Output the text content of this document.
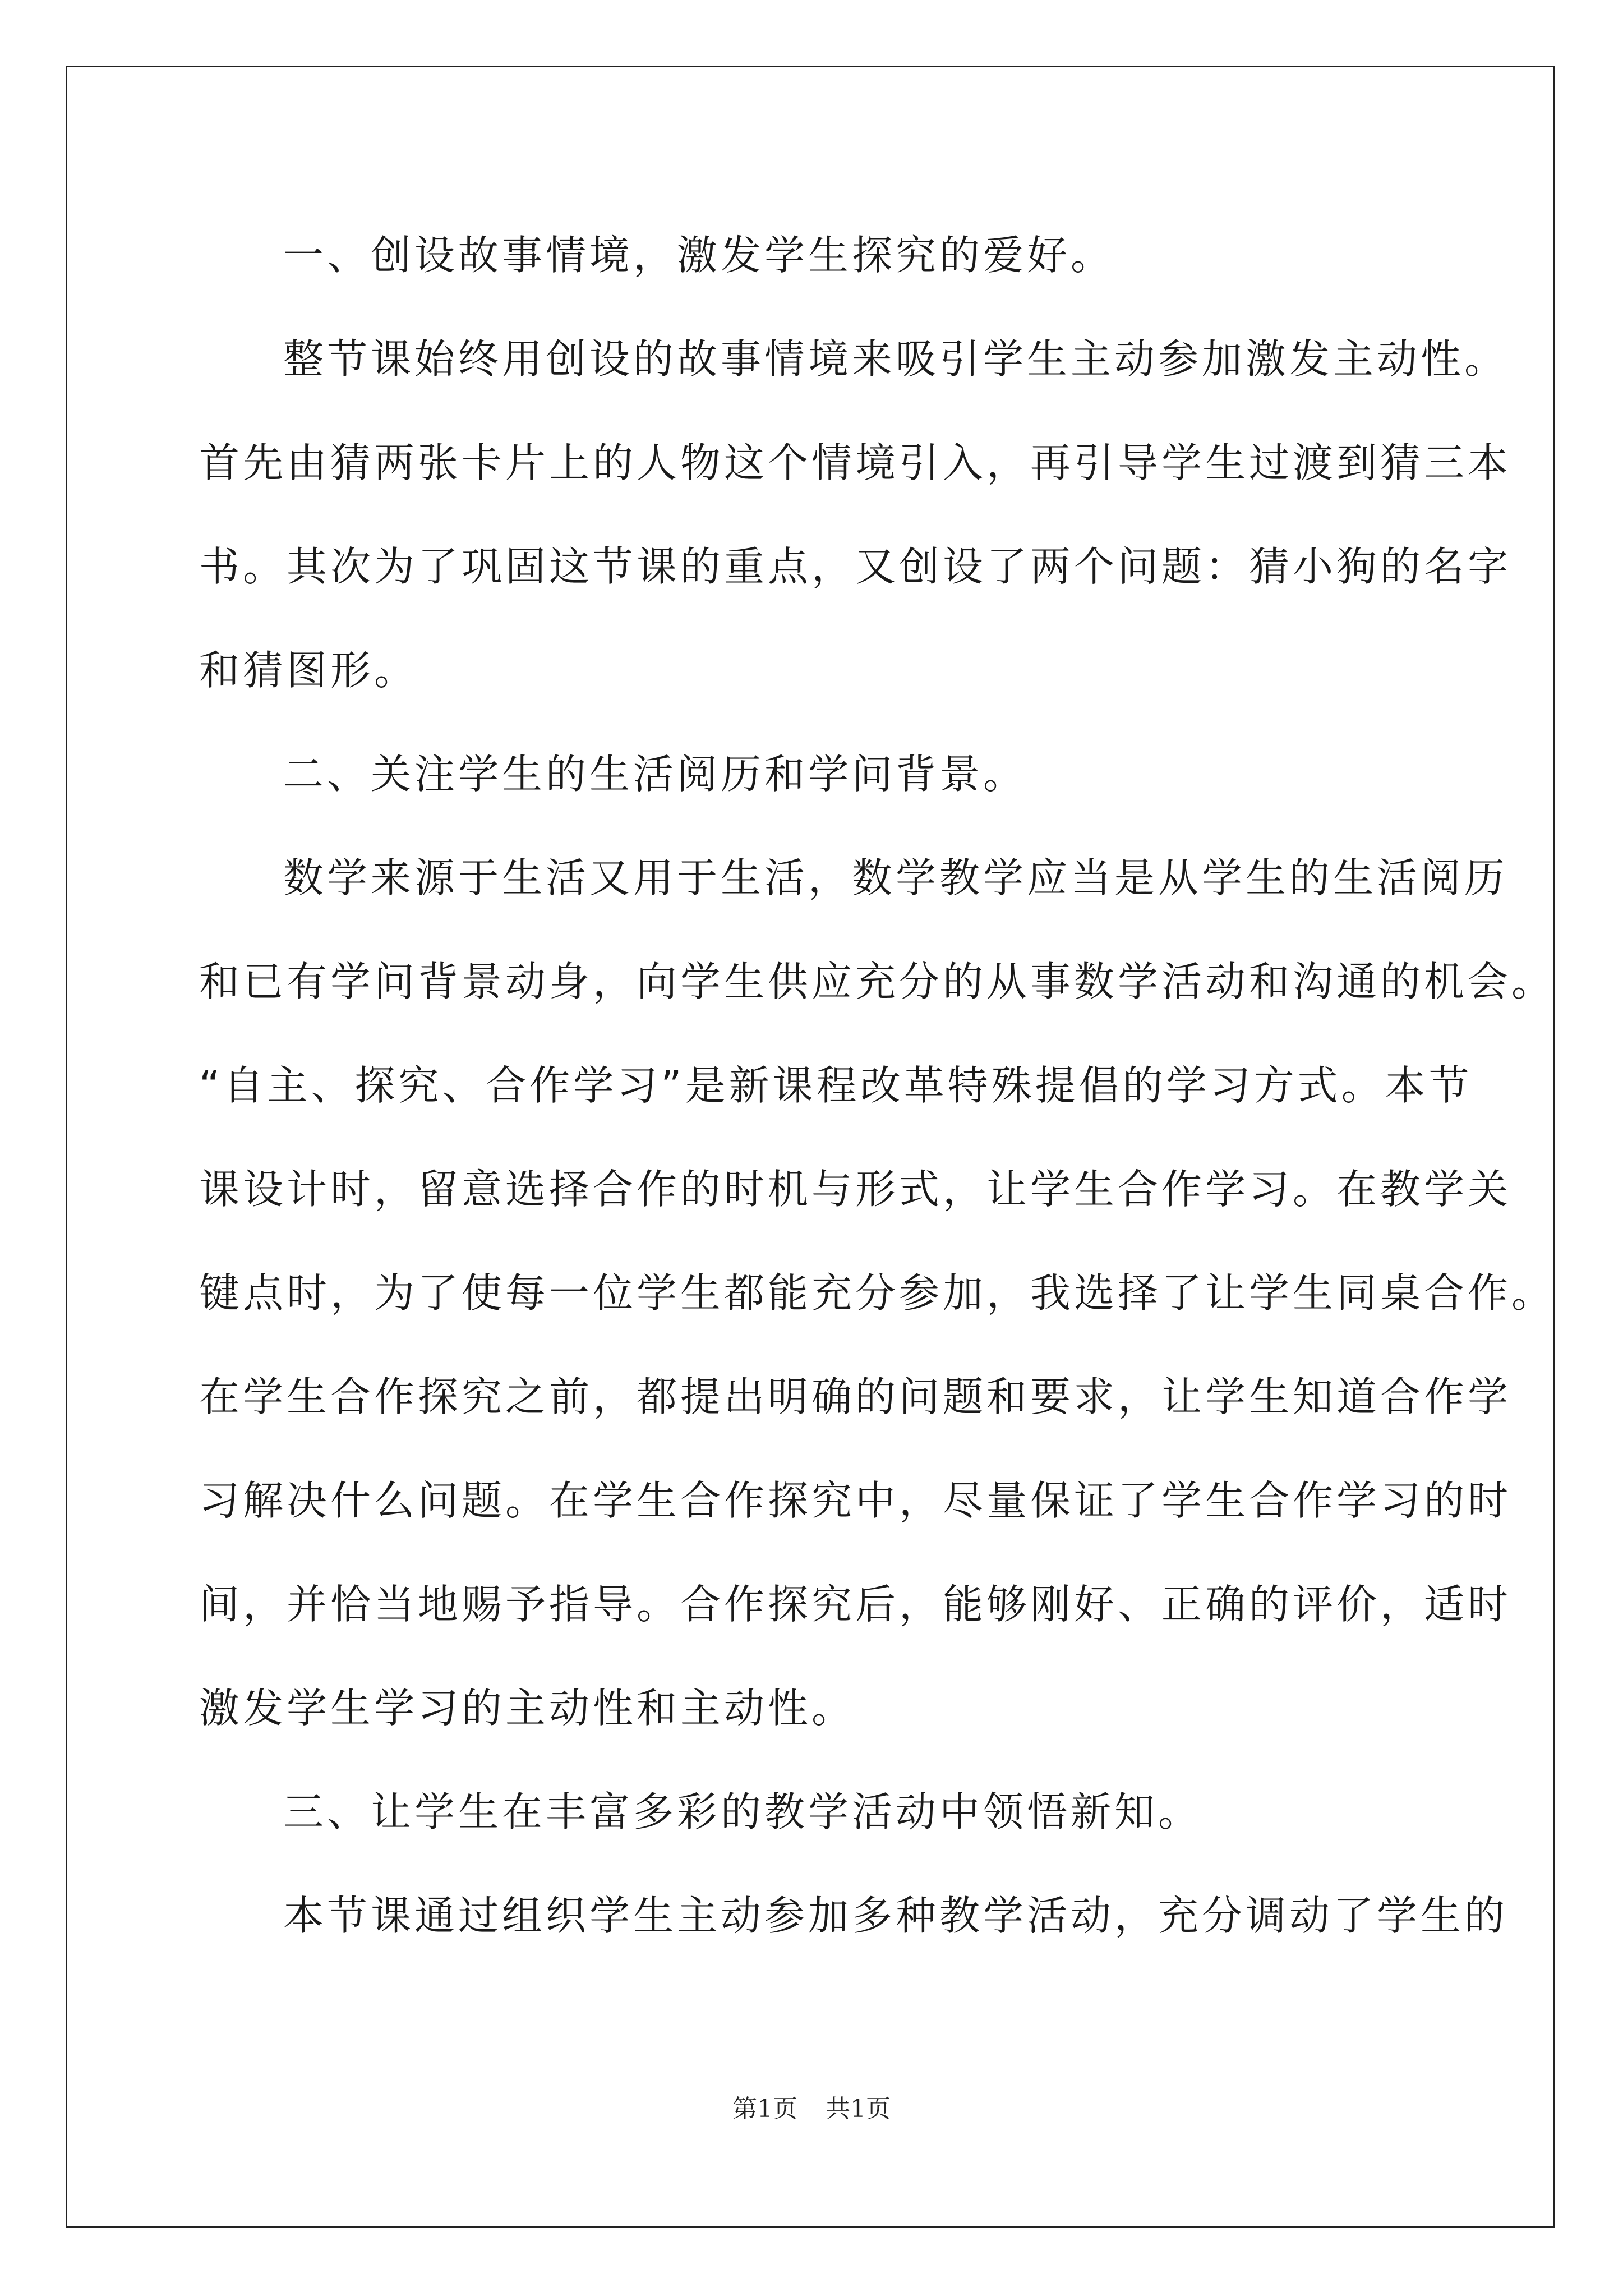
一、创设故事情境，激发学生探究的爱好。
整节课始终用创设的故事情境来吸引学生主动参加激发主动性。
首先由猜两张卡片上的人物这个情境引入，再引导学生过渡到猜三本
书。其次为了巩固这节课的重点，又创设了两个问题：猜小狗的名字
和猜图形。
二、关注学生的生活阅历和学问背景。
数学来源于生活又用于生活，数学教学应当是从学生的生活阅历
和已有学问背景动身，向学生供应充分的从事数学活动和沟通的机会。
“自主、探究、合作学习”是新课程改革特殊提倡的学习方式。本节
课设计时，留意选择合作的时机与形式，让学生合作学习。在教学关
键点时，为了使每一位学生都能充分参加，我选择了让学生同桌合作。
在学生合作探究之前，都提出明确的问题和要求，让学生知道合作学
习解决什么问题。在学生合作探究中，尽量保证了学生合作学习的时
间，并恰当地赐予指导。合作探究后，能够刚好、正确的评价，适时
激发学生学习的主动性和主动性。
三、让学生在丰富多彩的教学活动中领悟新知。
本节课通过组织学生主动参加多种教学活动，充分调动了学生的
第1页 共1页
